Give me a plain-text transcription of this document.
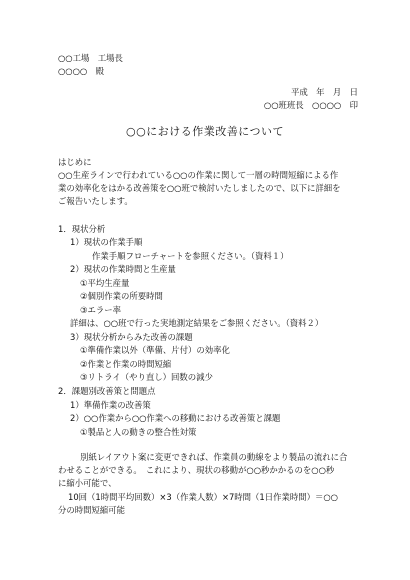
○○工場　工場長
○○○○　殿
平成　年　月　日
○○班班長　○○○○　印
○○における作業改善について
はじめに
○○生産ラインで行われている○○の作業に関して一層の時間短縮による作
業の効率化をはかる改善策を○○班で検討いたしましたので、以下に詳細を
ご報告いたします。
1．現状分析
1）現状の作業手順
作業手順フローチャートを参照ください。（資料１）
2）現状の作業時間と生産量
①平均生産量
②個別作業の所要時間
③エラー率
詳細は、○○班で行った実地測定結果をご参照ください。（資料２）
3）現状分析からみた改善の課題
①準備作業以外（準備、片付）の効率化
②作業と作業の時間短縮
③リトライ（やり直し）回数の減少
2．課題別改善策と問題点
1）準備作業の改善策
2）○○作業から○○作業への移動における改善策と課題
①製品と人の動きの整合性対策
別紙レイアウト案に変更できれば、作業員の動線をより製品の流れに合
わせることができる。　これにより、現状の移動が○○秒かかるのを○○秒
に縮小可能で、
10回（1時間平均回数）×3（作業人数）×7時間（1日作業時間）＝○○
分の時間短縮可能
